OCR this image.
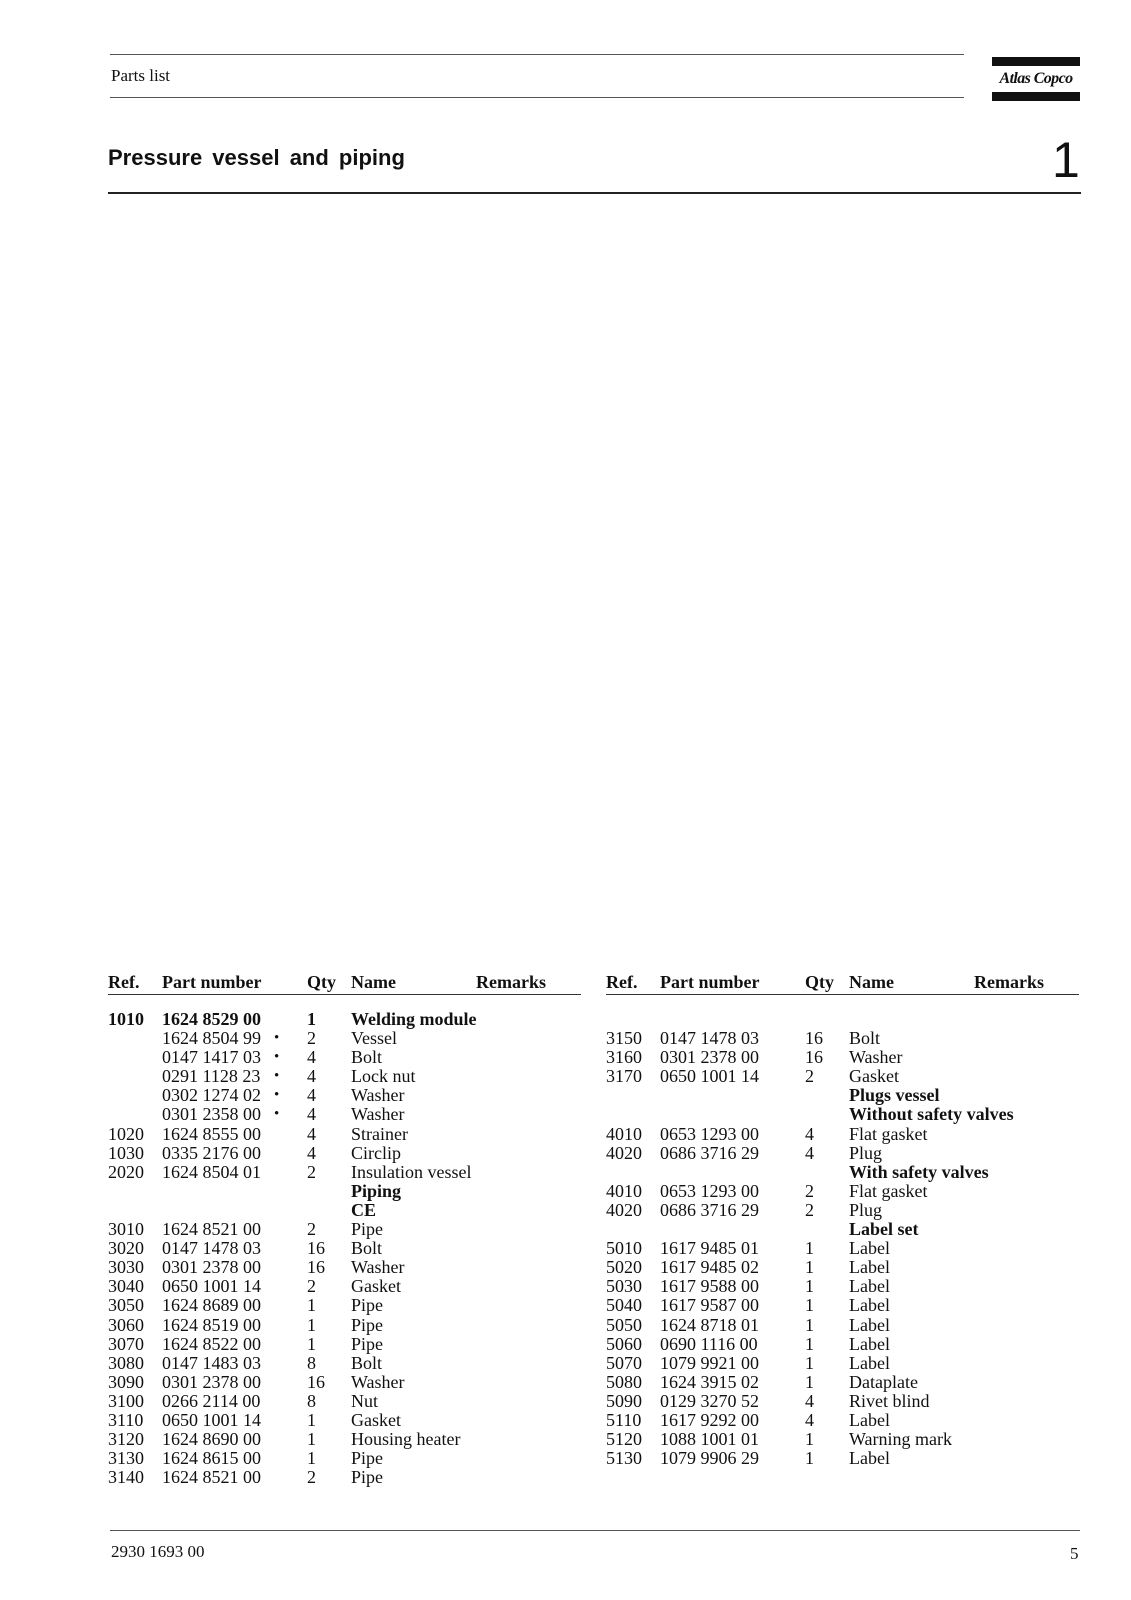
Parts list	Atlas Copco
Pressure vessel and piping	1
Ref. Part number	Qty Name	Remarks
1010 1624 8529 00	1 Welding module
1624 8504 99 • 2 Vessel
0147 1417 03 • 4 Bolt
0291 1128 23 • 4 Lock nut
0302 1274 02 • 4 Washer
0301 2358 00 • 4 Washer
1020 1624 8555 00	4 Strainer
1030 0335 2176 00	4 Circlip
2020 1624 8504 01	2 Insulation vessel
Piping
CE
3010 1624 8521 00	2 Pipe
3020 0147 1478 03	16 Bolt
3030 0301 2378 00	16 Washer
3040 0650 1001 14	2 Gasket
3050 1624 8689 00	1 Pipe
3060 1624 8519 00	1 Pipe
3070 1624 8522 00	1 Pipe
3080 0147 1483 03	8 Bolt
3090 0301 2378 00	16 Washer
3100 0266 2114 00	8 Nut
3110 0650 1001 14	1 Gasket
3120 1624 8690 00	1 Housing heater
3130 1624 8615 00	1 Pipe
3140 1624 8521 00	2 Pipe
Ref. Part number	Qty Name	Remarks
3150 0147 1478 03	16 Bolt
3160 0301 2378 00	16 Washer
3170 0650 1001 14	2 Gasket
Plugs vessel
Without safety valves
4010 0653 1293 00	4 Flat gasket
4020 0686 3716 29	4 Plug
With safety valves
4010 0653 1293 00	2 Flat gasket
4020 0686 3716 29	2 Plug
Label set
5010 1617 9485 01	1 Label
5020 1617 9485 02	1 Label
5030 1617 9588 00	1 Label
5040 1617 9587 00	1 Label
5050 1624 8718 01	1 Label
5060 0690 1116 00	1 Label
5070 1079 9921 00	1 Label
5080 1624 3915 02	1 Dataplate
5090 0129 3270 52	4 Rivet blind
5110 1617 9292 00	4 Label
5120 1088 1001 01	1 Warning mark
5130 1079 9906 29	1 Label
2930 1693 00	5
